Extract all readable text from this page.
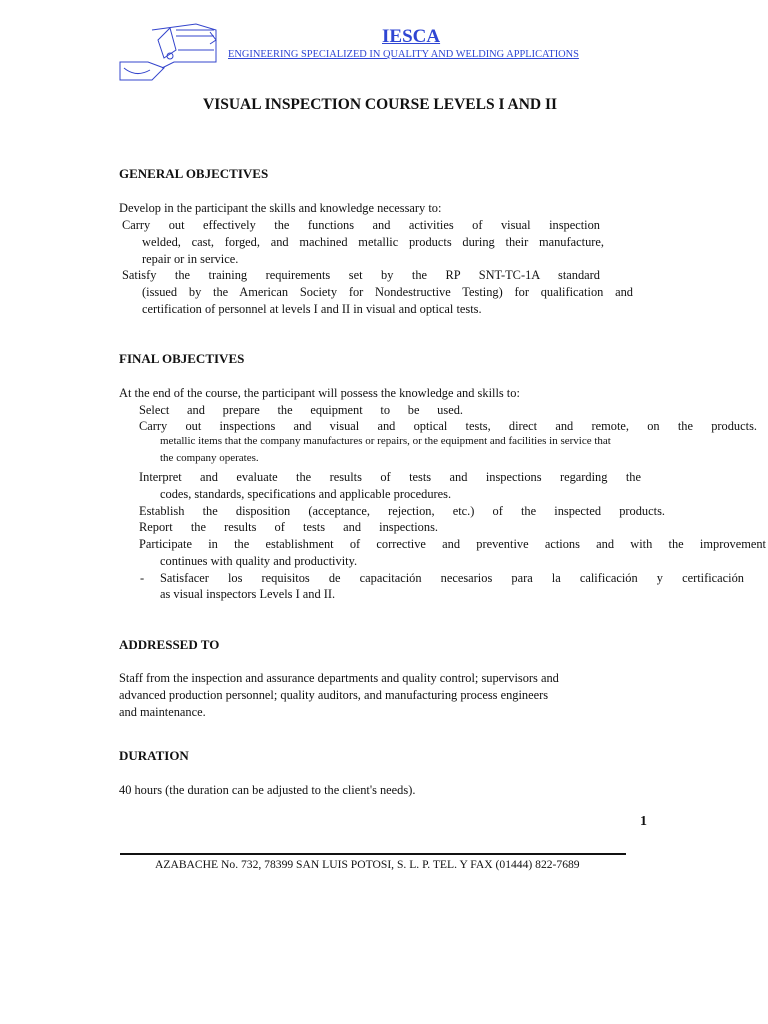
IESCA
ENGINEERING SPECIALIZED IN QUALITY AND WELDING APPLICATIONS
VISUAL INSPECTION COURSE LEVELS I AND II
GENERAL OBJECTIVES
Develop in the participant the skills and knowledge necessary to:
Carry out effectively the functions and activities of visual inspection
welded, cast, forged, and machined metallic products during their manufacture,
repair or in service.
Satisfy the training requirements set by the RP SNT-TC-1A standard
(issued by the American Society for Nondestructive Testing) for qualification and
certification of personnel at levels I and II in visual and optical tests.
FINAL OBJECTIVES
At the end of the course, the participant will possess the knowledge and skills to:
Select and prepare the equipment to be used.
Carry out inspections and visual and optical tests, direct and remote, on the products.
metallic items that the company manufactures or repairs, or the equipment and facilities in service that
the company operates.
Interpret and evaluate the results of tests and inspections regarding the
codes, standards, specifications and applicable procedures.
Establish the disposition (acceptance, rejection, etc.) of the inspected products.
Report the results of tests and inspections.
Participate in the establishment of corrective and preventive actions and with the improvement
continues with quality and productivity.
- Satisfacer los requisitos de capacitación necesarios para la calificación y certificación
as visual inspectors Levels I and II.
ADDRESSED TO
Staff from the inspection and assurance departments and quality control; supervisors and
advanced production personnel; quality auditors, and manufacturing process engineers
and maintenance.
DURATION
40 hours (the duration can be adjusted to the client's needs).
1
AZABACHE No. 732, 78399 SAN LUIS POTOSI, S. L. P. TEL. Y FAX (01444) 822-7689
